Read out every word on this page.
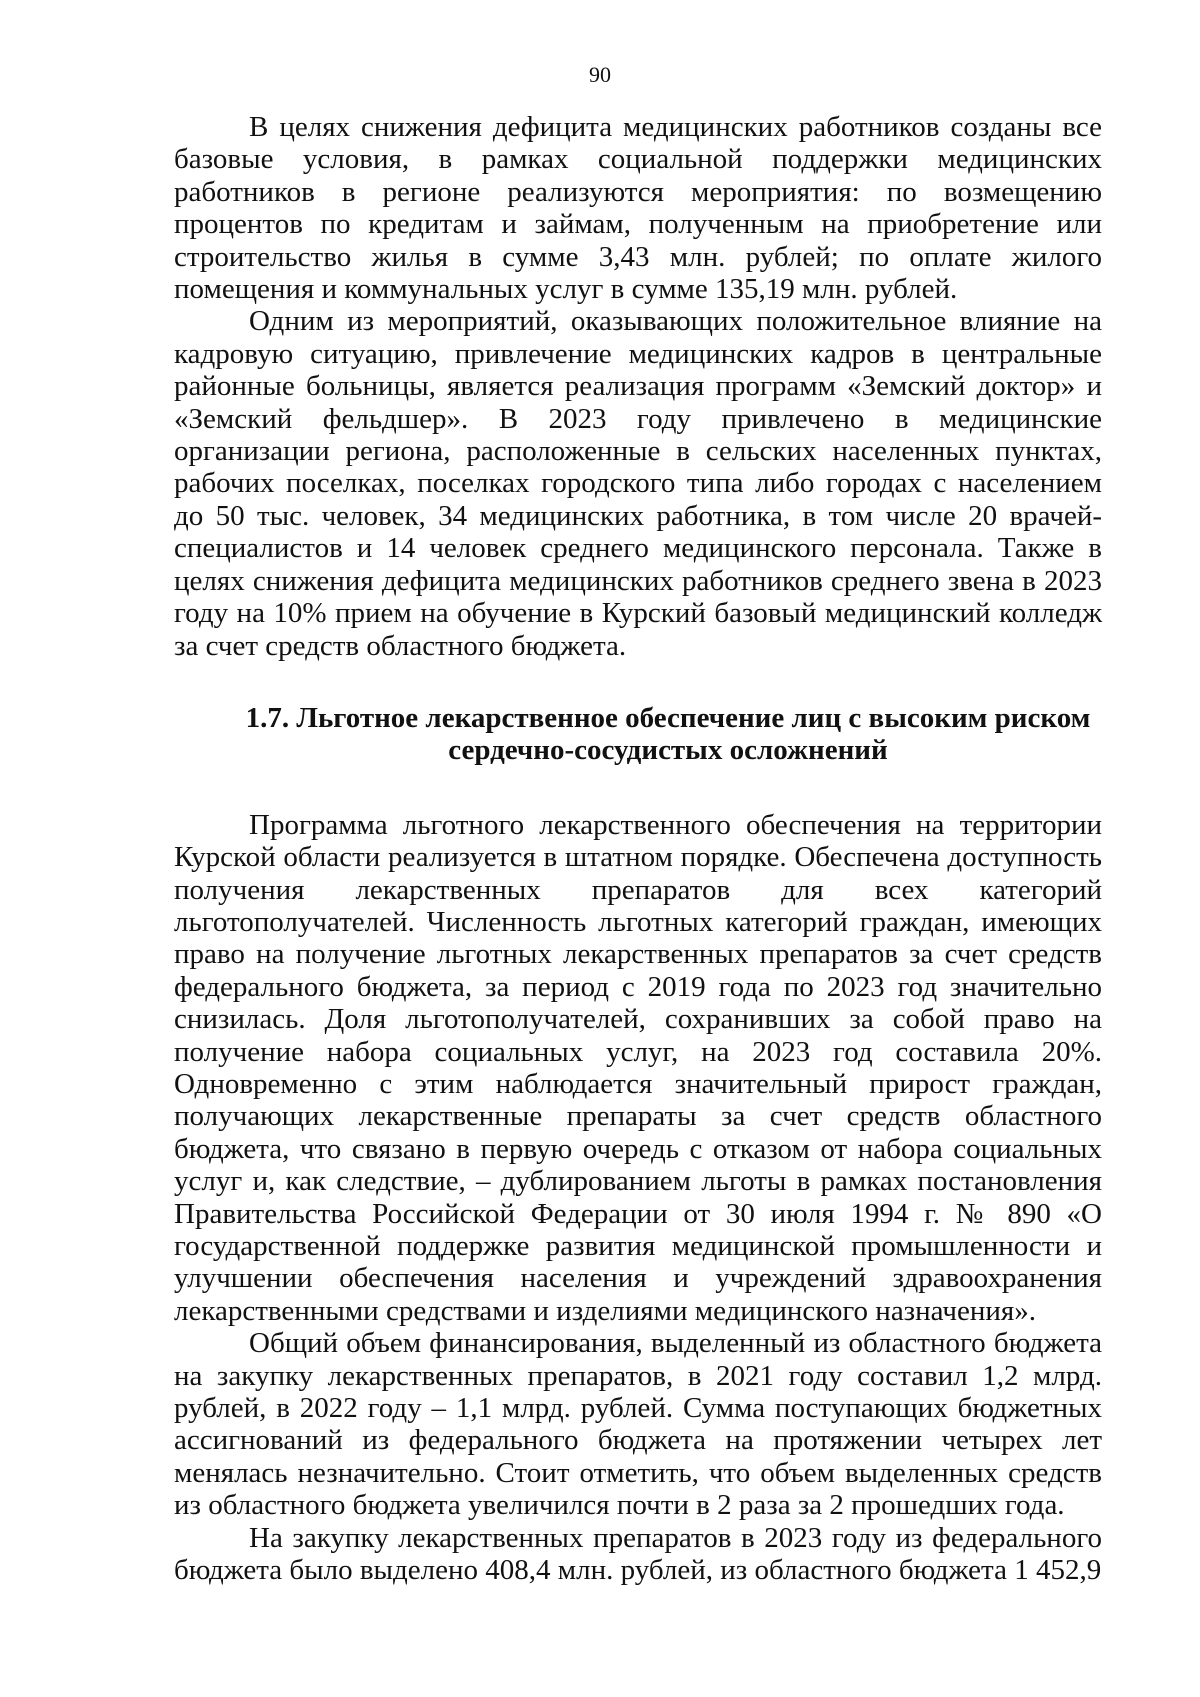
90

В целях снижения дефицита медицинских работников созданы все базовые условия, в рамках социальной поддержки медицинских работников в регионе реализуются мероприятия: по возмещению процентов по кредитам и займам, полученным на приобретение или строительство жилья в сумме 3,43 млн. рублей; по оплате жилого помещения и коммунальных услуг в сумме 135,19 млн. рублей.

Одним из мероприятий, оказывающих положительное влияние на кадровую ситуацию, привлечение медицинских кадров в центральные районные больницы, является реализация программ «Земский доктор» и «Земский фельдшер». В 2023 году привлечено в медицинские организации региона, расположенные в сельских населенных пунктах, рабочих поселках, поселках городского типа либо городах с населением до 50 тыс. человек, 34 медицинских работника, в том числе 20 врачей-специалистов и 14 человек среднего медицинского персонала. Также в целях снижения дефицита медицинских работников среднего звена в 2023 году на 10% прием на обучение в Курский базовый медицинский колледж за счет средств областного бюджета.

1.7. Льготное лекарственное обеспечение лиц с высоким риском
сердечно-сосудистых осложнений

Программа льготного лекарственного обеспечения на территории Курской области реализуется в штатном порядке. Обеспечена доступность получения лекарственных препаратов для всех категорий льготополучателей. Численность льготных категорий граждан, имеющих право на получение льготных лекарственных препаратов за счет средств федерального бюджета, за период с 2019 года по 2023 год значительно снизилась. Доля льготополучателей, сохранивших за собой право на получение набора социальных услуг, на 2023 год составила 20%. Одновременно с этим наблюдается значительный прирост граждан, получающих лекарственные препараты за счет средств областного бюджета, что связано в первую очередь с отказом от набора социальных услуг и, как следствие, – дублированием льготы в рамках постановления Правительства Российской Федерации от 30 июля 1994 г. № 890 «О государственной поддержке развития медицинской промышленности и улучшении обеспечения населения и учреждений здравоохранения лекарственными средствами и изделиями медицинского назначения».

Общий объем финансирования, выделенный из областного бюджета на закупку лекарственных препаратов, в 2021 году составил 1,2 млрд. рублей, в 2022 году – 1,1 млрд. рублей. Сумма поступающих бюджетных ассигнований из федерального бюджета на протяжении четырех лет менялась незначительно. Стоит отметить, что объем выделенных средств из областного бюджета увеличился почти в 2 раза за 2 прошедших года.

На закупку лекарственных препаратов в 2023 году из федерального бюджета было выделено 408,4 млн. рублей, из областного бюджета 1 452,9
